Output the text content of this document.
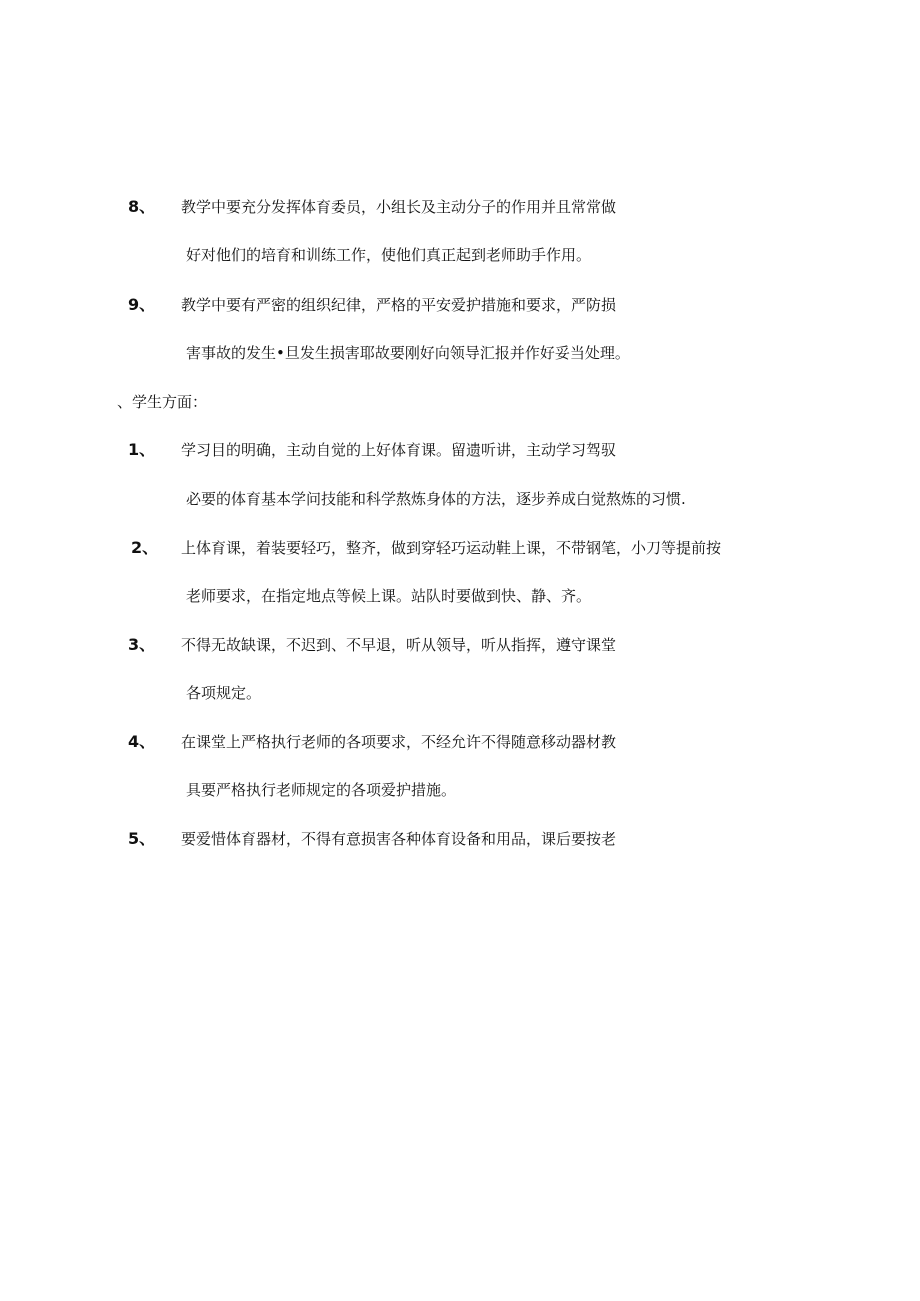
8、 教学中要充分发挥体育委员，小组长及主动分子的作用并且常常做
好对他们的培育和训练工作，使他们真正起到老师助手作用。
9、 教学中要有严密的组织纪律，严格的平安爱护措施和要求，严防损
害事故的发生•旦发生损害耶故要刚好向领导汇报并作好妥当处理。
、学生方面：
1、 学习目的明确，主动自觉的上好体育课。留遗听讲，主动学习驾驭
必要的体育基本学问技能和科学熬炼身体的方法，逐步养成白觉熬炼的习惯.
2、 上体育课，着装要轻巧，整齐，做到穿轻巧运动鞋上课，不带钢笔，小刀等提前按
老师要求，在指定地点等候上课。站队时要做到快、静、齐。
3、 不得无故缺课，不迟到、不早退，听从领导，听从指挥，遵守课堂
各项规定。
4、 在课堂上严格执行老师的各项要求，不经允许不得随意移动器材教
具要严格执行老师规定的各项爱护措施。
5、 要爱惜体育器材，不得有意损害各种体育设备和用品，课后要按老
